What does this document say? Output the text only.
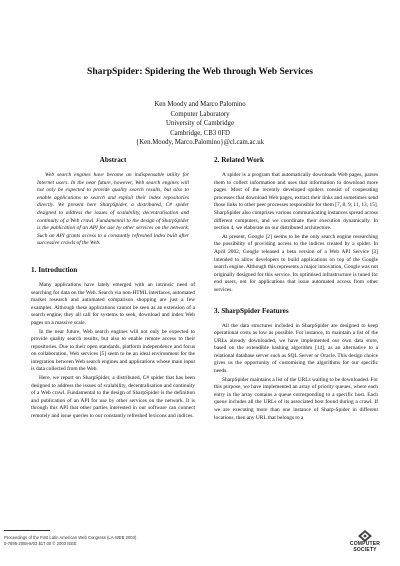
SharpSpider: Spidering the Web through Web Services
Ken Moody and Marco Palomino
Computer Laboratory
University of Cambridge
Cambridge, CB3 0FD
{Ken.Moody, Marco.Palomino}@cl.cam.ac.uk
Abstract

Web search engines have become an indispensable utility for Internet users. In the near future, however, Web search engines will not only be expected to provide quality search results, but also to enable applications to search and exploit their index repositories directly. We present here SharpSpider, a distributed, C# spider designed to address the issues of scalability, decentralisation and continuity of a Web crawl. Fundamental to the design of SharpSpider is the publication of an API for use by other services on the network. Such an API grants access to a constantly refreshed index built after successive crawls of the Web.

1. Introduction

Many applications have lately emerged with an intrinsic need of searching for data on the Web. Search via non-HTML interfaces, automated market research and automated comparison shopping are just a few examples. Although these applications cannot be seen as an extension of a search engine, they all call for systems to seek, download and index Web pages on a massive scale.

In the near future, Web search engines will not only be expected to provide quality search results, but also to enable remote access to their repositories. Due to their open standards, platform independence and focus on collaboration, Web services [5] seem to be an ideal environment for the integration between Web search engines and applications whose main input is data collected from the Web.

Here, we report on SharpSpider, a distributed, C# spider that has been designed to address the issues of scalability, decentralisation and continuity of a Web crawl. Fundamental to the design of SharpSpider is the definition and publication of an API for use by other services on the network. It is through this API that other parties interested in our software can connect remotely and issue queries to our constantly refreshed lexicons and indices.

2. Related Work

A spider is a program that automatically downloads Web pages, parses them to collect information and uses that information to download more pages. Most of the recently developed spiders consist of cooperating processes that download Web pages, extract their links and sometimes send those links to other peer processes responsible for them [7, 8, 9, 11, 13, 15]. SharpSpider also comprises various communicating instances spread across different computers, and we coordinate their execution dynamically. In section 4, we elaborate on our distributed architecture.

At present, Google [2] seems to be the only search engine researching the possibility of providing access to the indices created by a spider. In April 2002, Google released a beta version of a Web API Service [3] intended to allow developers to build applications on top of the Google search engine. Although this represents a major innovation, Google was not originally designed for this service. Its optimised infrastructure is tuned for end users, not for applications that issue automated access from other services.

3. SharpSpider Features

All the data structures included in SharpSpider are designed to keep operational costs as low as possible. For instance, to maintain a list of the URLs already downloaded, we have implemented our own data store, based on the extendible hashing algorithm [14], as an alternative to a relational database server such as SQL Server or Oracle. This design choice gives us the opportunity of customising the algorithms for our specific needs.

SharpSpider maintains a list of the URLs waiting to be downloaded. For this purpose, we have implemented an array of priority queues, where each entry in the array contains a queue corresponding to a specific host. Each queue includes all the URLs of its associated host found during a crawl. If we are executing more than one instance of Sharp-Spider in different locations, then any URL that belongs to a

Proceedings of the First Latin American Web Congress (LA-WEB 2003)
0-7695-2058-8/03 $17.00 © 2003 IEEE	COMPUTER
SOCIETY
